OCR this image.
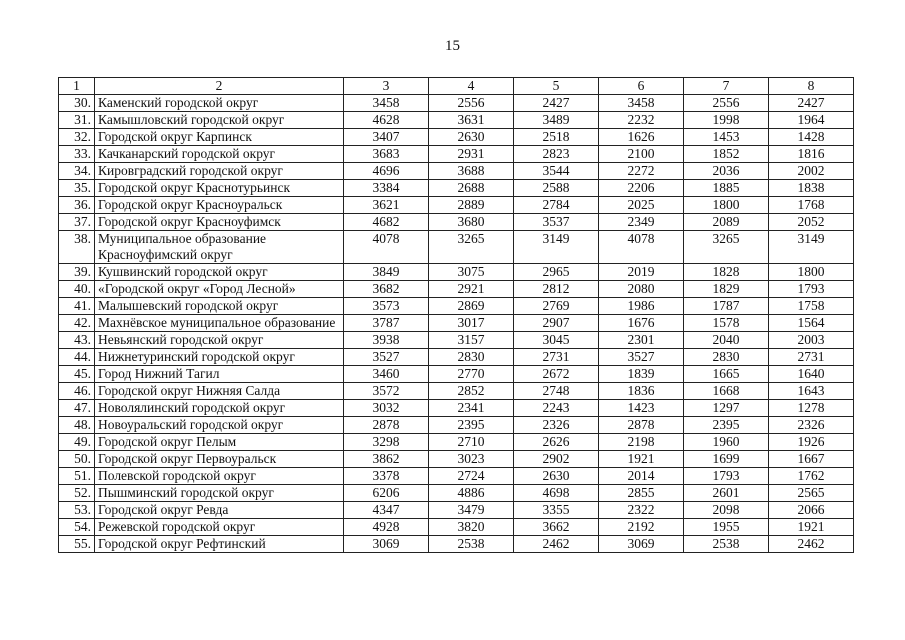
15
1	2	3	4	5	6	7	8
30.	Каменский городской округ	3458	2556	2427	3458	2556	2427
31.	Камышловский городской округ	4628	3631	3489	2232	1998	1964
32.	Городской округ Карпинск	3407	2630	2518	1626	1453	1428
33.	Качканарский городской округ	3683	2931	2823	2100	1852	1816
34.	Кировградский городской округ	4696	3688	3544	2272	2036	2002
35.	Городской округ Краснотурьинск	3384	2688	2588	2206	1885	1838
36.	Городской округ Красноуральск	3621	2889	2784	2025	1800	1768
37.	Городской округ Красноуфимск	4682	3680	3537	2349	2089	2052
38.	Муниципальное образование Красноуфимский округ	4078	3265	3149	4078	3265	3149
39.	Кушвинский городской округ	3849	3075	2965	2019	1828	1800
40.	«Городской округ «Город Лесной»	3682	2921	2812	2080	1829	1793
41.	Малышевский городской округ	3573	2869	2769	1986	1787	1758
42.	Махнёвское муниципальное образование	3787	3017	2907	1676	1578	1564
43.	Невьянский городской округ	3938	3157	3045	2301	2040	2003
44.	Нижнетуринский городской округ	3527	2830	2731	3527	2830	2731
45.	Город Нижний Тагил	3460	2770	2672	1839	1665	1640
46.	Городской округ Нижняя Салда	3572	2852	2748	1836	1668	1643
47.	Новолялинский городской округ	3032	2341	2243	1423	1297	1278
48.	Новоуральский городской округ	2878	2395	2326	2878	2395	2326
49.	Городской округ Пелым	3298	2710	2626	2198	1960	1926
50.	Городской округ Первоуральск	3862	3023	2902	1921	1699	1667
51.	Полевской городской округ	3378	2724	2630	2014	1793	1762
52.	Пышминский городской округ	6206	4886	4698	2855	2601	2565
53.	Городской округ Ревда	4347	3479	3355	2322	2098	2066
54.	Режевской городской округ	4928	3820	3662	2192	1955	1921
55.	Городской округ Рефтинский	3069	2538	2462	3069	2538	2462
